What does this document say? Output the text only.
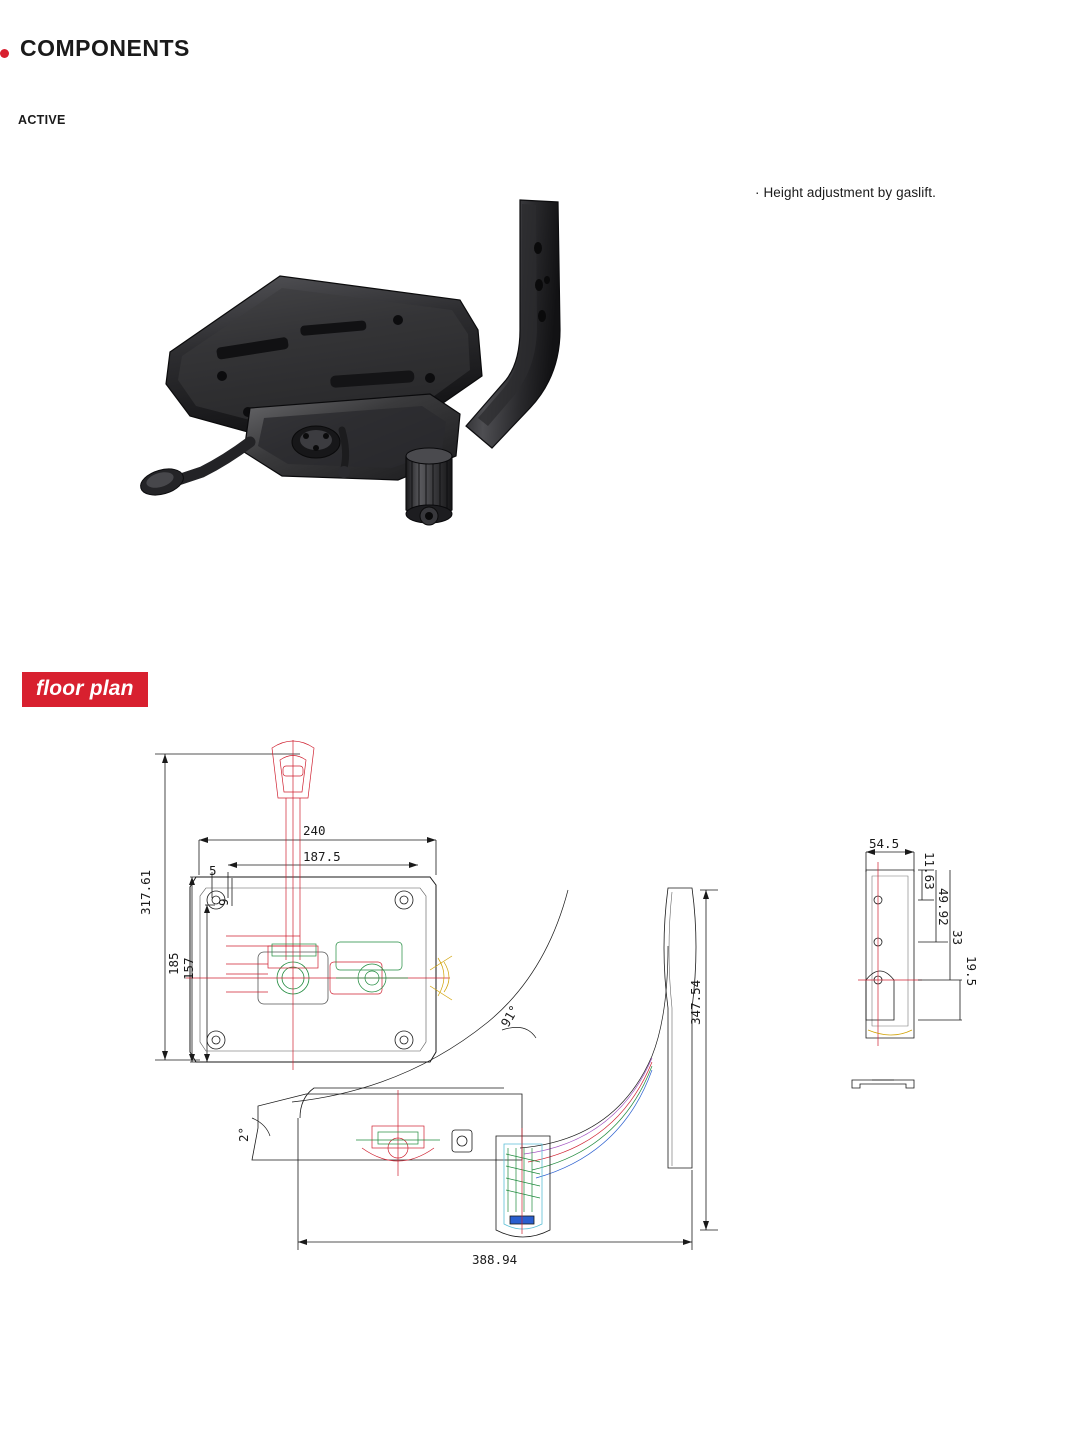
COMPONENTS
ACTIVE
· Height adjustment by gaslift.
floor plan
317.61
185 157
240
187.5
5
9
91°
2°
347.54
388.94
54.5
11.63
49.92
33
19.5
